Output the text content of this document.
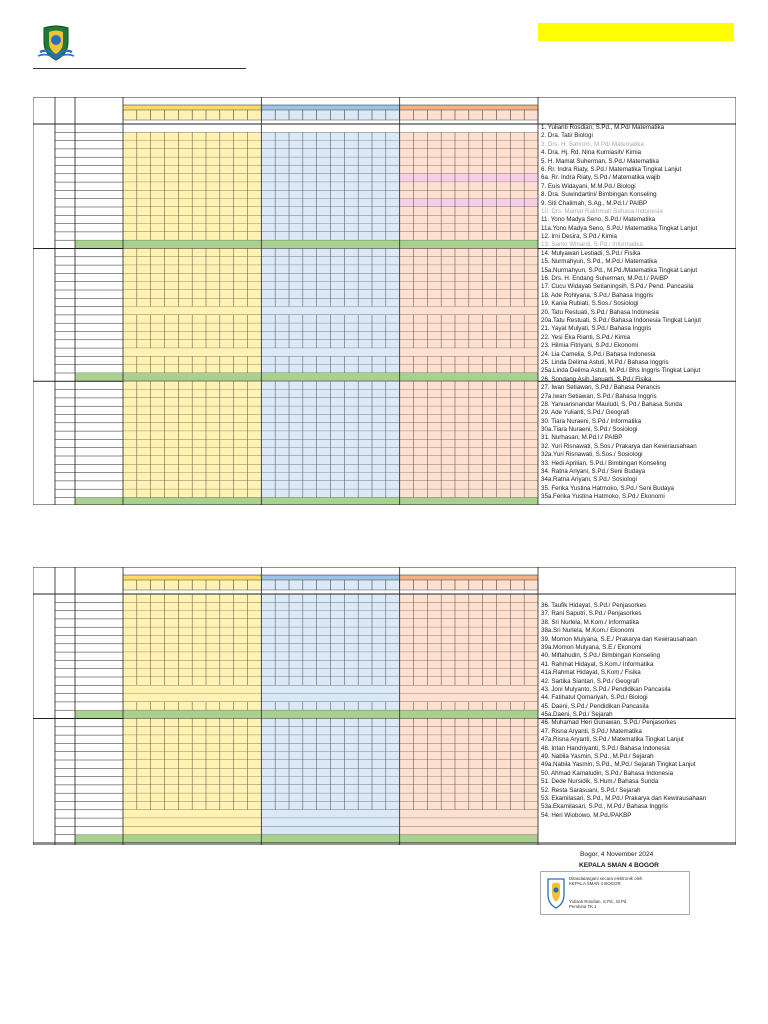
1. Yulianti Rosdian, S.Pd., M.Pd/ Matematika
2. Dra. Tati/ Biologi
3. Drs. H. Sahrom, M.Pd/ Matematika
4. Dra. Hj. Rd. Nina Kurniasih/ Kimia
5. H. Mamat Suherman, S.Pd./ Matematika
6. Rr. Indra Riaty, S.Pd./ Matematika Tingkat Lanjut
6a. Rr. Indra Riaty, S.Pd./ Matematika wajib
7. Euis Widayani, M.M.Pd./ Biologi
8. Dra. Suwindartini/ Bimbingan Konseling
9. Siti Chalimah, S.Ag., M.Pd.I./ PAIBP
10. Drs. Mamat Rakhmat/ Bahasa Indonesia
11. Yono Madya Seno, S.Pd./ Matematika
11a.Yono Madya Seno, S.Pd./ Matematika Tingkat Lanjut
12. Irni Desira, S.Pd./ Kimia
13. Santo Winardi, S.Pd./ Informatika
14. Mulyawan Lestiadi, S.Pd./ Fisika
15. Nurmahyun, S.Pd., M.Pd./ Matematika
15a.Nurmahyun, S.Pd., M.Pd./Matematika Tingkat Lanjut
16. Drs. H. Endang Suherman, M.Pd.I./ PAIBP
17. Cucu Widayati Setianingsih, S.Pd./ Pend. Pancasila
18. Ade Rohiyana, S.Pd./ Bahasa Inggris
19. Kania Rubiati, S.Sos./ Sosiologi
20. Tatu Restuati, S.Pd./ Bahasa Indonesia
20a.Tatu Restuati, S.Pd./ Bahasa Indonesia Tingkat Lanjut
21. Yayat Mulyati, S.Pd./ Bahasa Inggris
22. Yesi Eka Rianti, S.Pd./ Kimia
23. Hilmia Fitriyani, S.Pd./ Ekonomi
24. Lia Camelia, S.Pd./ Bahasa Indonesia
25. Linda Delima Astuti, M.Pd./ Bahasa Inggris
25a.Linda Delima Astuti, M.Pd./ Bhs Inggris Tingkat Lanjut
26. Sondang Asih Januarti, S.Pd./ Fisika
27. Iwan Setiawan, S.Pd./ Bahasa Perancis
27a.Iwan Setiawan, S.Pd./ Bahasa Inggris
28. Yanuarisnandar Mauludi, S. Pd./ Bahasa Sunda
29. Ade Yulianti, S.Pd./ Geografi
30. Tiara Nuraeni, S.Pd./ Informatika
30a.Tiara Nuraeni, S.Pd./ Sosiologi
31. Nurhasan, M.Pd.I./ PAIBP
32. Yuri Risnawati, S.Sos./ Prakarya dan Kewirausahaan
32a.Yuri Risnawati, S.Sos./ Sosiologi
33. Hedi Aprilian, S.Pd./ Bimbingan Konseling
34. Ratna Ariyani, S.Pd./ Seni Budaya
34a.Ratna Ariyani, S.Pd./ Sosiologi
35. Ferika Yustina Hatmoko, S.Pd./ Seni Budaya
35a.Ferika Yustina Hatmoko, S.Pd./ Ekonomi
36. Taufik Hidayat, S.Pd./ Penjasorkes
37. Rani Saputri, S.Pd./ Penjasorkes
38. Sri Nurlela, M.Kom./ Informatika
38a.Sri Nurlela, M.Kom./ Ekonomi
39. Momon Mulyana, S.E./ Prakarya dan Kewirausahaan
39a.Momon Mulyana, S.E./ Ekonomi
40. Miftahudin, S.Pd./ Bimbingan Konseling
41. Rahmat Hidayat, S.Kom./ Informatika
41a.Rahmat Hidayat, S.Kom./ Fisika
42. Sartika Siantari, S.Pd./ Geografi
43. Joni Mulyanto, S.Pd./ Pendidikan Pancasila
44. Fatihatul Qomariyah, S.Pd./ Biologi
45. Daeni, S.Pd./ Pendidikan Pancasila
45a.Daeni, S.Pd./ Sejarah
46. Muhamad Heri Gunawan, S.Pd./ Penjasorkes
47. Risna Aryanti, S.Pd./ Matematika
47a.Risna Aryanti, S.Pd./ Matematika Tingkat Lanjut
48. Intan Handriyanti, S.Pd./ Bahasa Indonesia
49. Nabila Yasmin, S.Pd., M.Pd./ Sejarah
49a.Nabila Yasmin, S.Pd., M.Pd./ Sejarah Tingkat Lanjut
50. Ahmad Kamaludin, S.Pd./ Bahasa Indonesia
51. Dede Nursidik, S.Hum./ Bahasa Sunda
52. Resta Sarasuani, S.Pd./ Sejarah
53. Ekamilasari, S.Pd., M.Pd./ Prakarya dan Kewirausahaan
53a.Ekamilasari, S.Pd., M.Pd./ Bahasa Inggris
54. Heri Wiobowo, M.Pd./PAKBP
Bogor, 4 November 2024
KEPALA SMAN 4 BOGOR
Ditandatangani secara elektronik oleh
KEPALA SMAN 4 BOGOR
Yulianti Rosdian, S.Pd., M.Pd
Pembina TK.1
